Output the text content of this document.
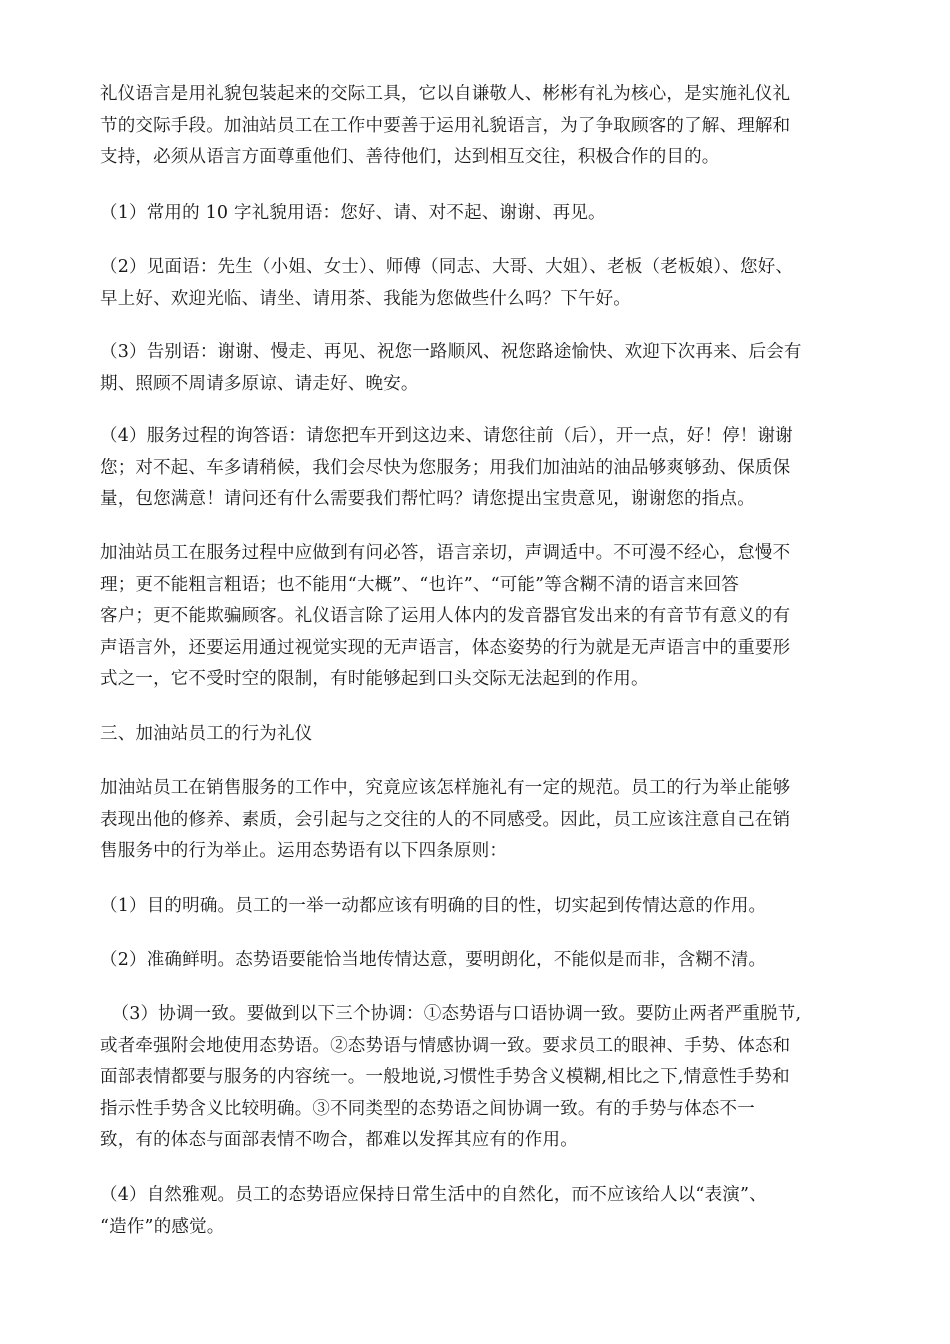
礼仪语言是用礼貌包装起来的交际工具，它以自谦敬人、彬彬有礼为核心，是实施礼仪礼
节的交际手段。加油站员工在工作中要善于运用礼貌语言，为了争取顾客的了解、理解和
支持，必须从语言方面尊重他们、善待他们，达到相互交往，积极合作的目的。

（1）常用的 10 字礼貌用语：您好、请、对不起、谢谢、再见。

（2）见面语：先生（小姐、女士）、师傅（同志、大哥、大姐）、老板（老板娘）、您好、
早上好、欢迎光临、请坐、请用茶、我能为您做些什么吗？下午好。

（3）告别语：谢谢、慢走、再见、祝您一路顺风、祝您路途愉快、欢迎下次再来、后会有
期、照顾不周请多原谅、请走好、晚安。

（4）服务过程的询答语：请您把车开到这边来、请您往前（后），开一点，好！停！谢谢
您；对不起、车多请稍候，我们会尽快为您服务；用我们加油站的油品够爽够劲、保质保
量，包您满意！请问还有什么需要我们帮忙吗？请您提出宝贵意见，谢谢您的指点。

加油站员工在服务过程中应做到有问必答，语言亲切，声调适中。不可漫不经心，怠慢不
理；更不能粗言粗语；也不能用“大概”、“也许”、“可能”等含糊不清的语言来回答
客户；更不能欺骗顾客。礼仪语言除了运用人体内的发音器官发出来的有音节有意义的有
声语言外，还要运用通过视觉实现的无声语言，体态姿势的行为就是无声语言中的重要形
式之一，它不受时空的限制，有时能够起到口头交际无法起到的作用。

三、加油站员工的行为礼仪

加油站员工在销售服务的工作中，究竟应该怎样施礼有一定的规范。员工的行为举止能够
表现出他的修养、素质，会引起与之交往的人的不同感受。因此，员工应该注意自己在销
售服务中的行为举止。运用态势语有以下四条原则：

（1）目的明确。员工的一举一动都应该有明确的目的性，切实起到传情达意的作用。

（2）准确鲜明。态势语要能恰当地传情达意，要明朗化，不能似是而非，含糊不清。

（3）协调一致。要做到以下三个协调：①态势语与口语协调一致。要防止两者严重脱节,
或者牵强附会地使用态势语。②态势语与情感协调一致。要求员工的眼神、手势、体态和
面部表情都要与服务的内容统一。一般地说,习惯性手势含义模糊,相比之下,情意性手势和
指示性手势含义比较明确。③不同类型的态势语之间协调一致。有的手势与体态不一
致，有的体态与面部表情不吻合，都难以发挥其应有的作用。

（4）自然雅观。员工的态势语应保持日常生活中的自然化，而不应该给人以“表演”、
“造作”的感觉。
